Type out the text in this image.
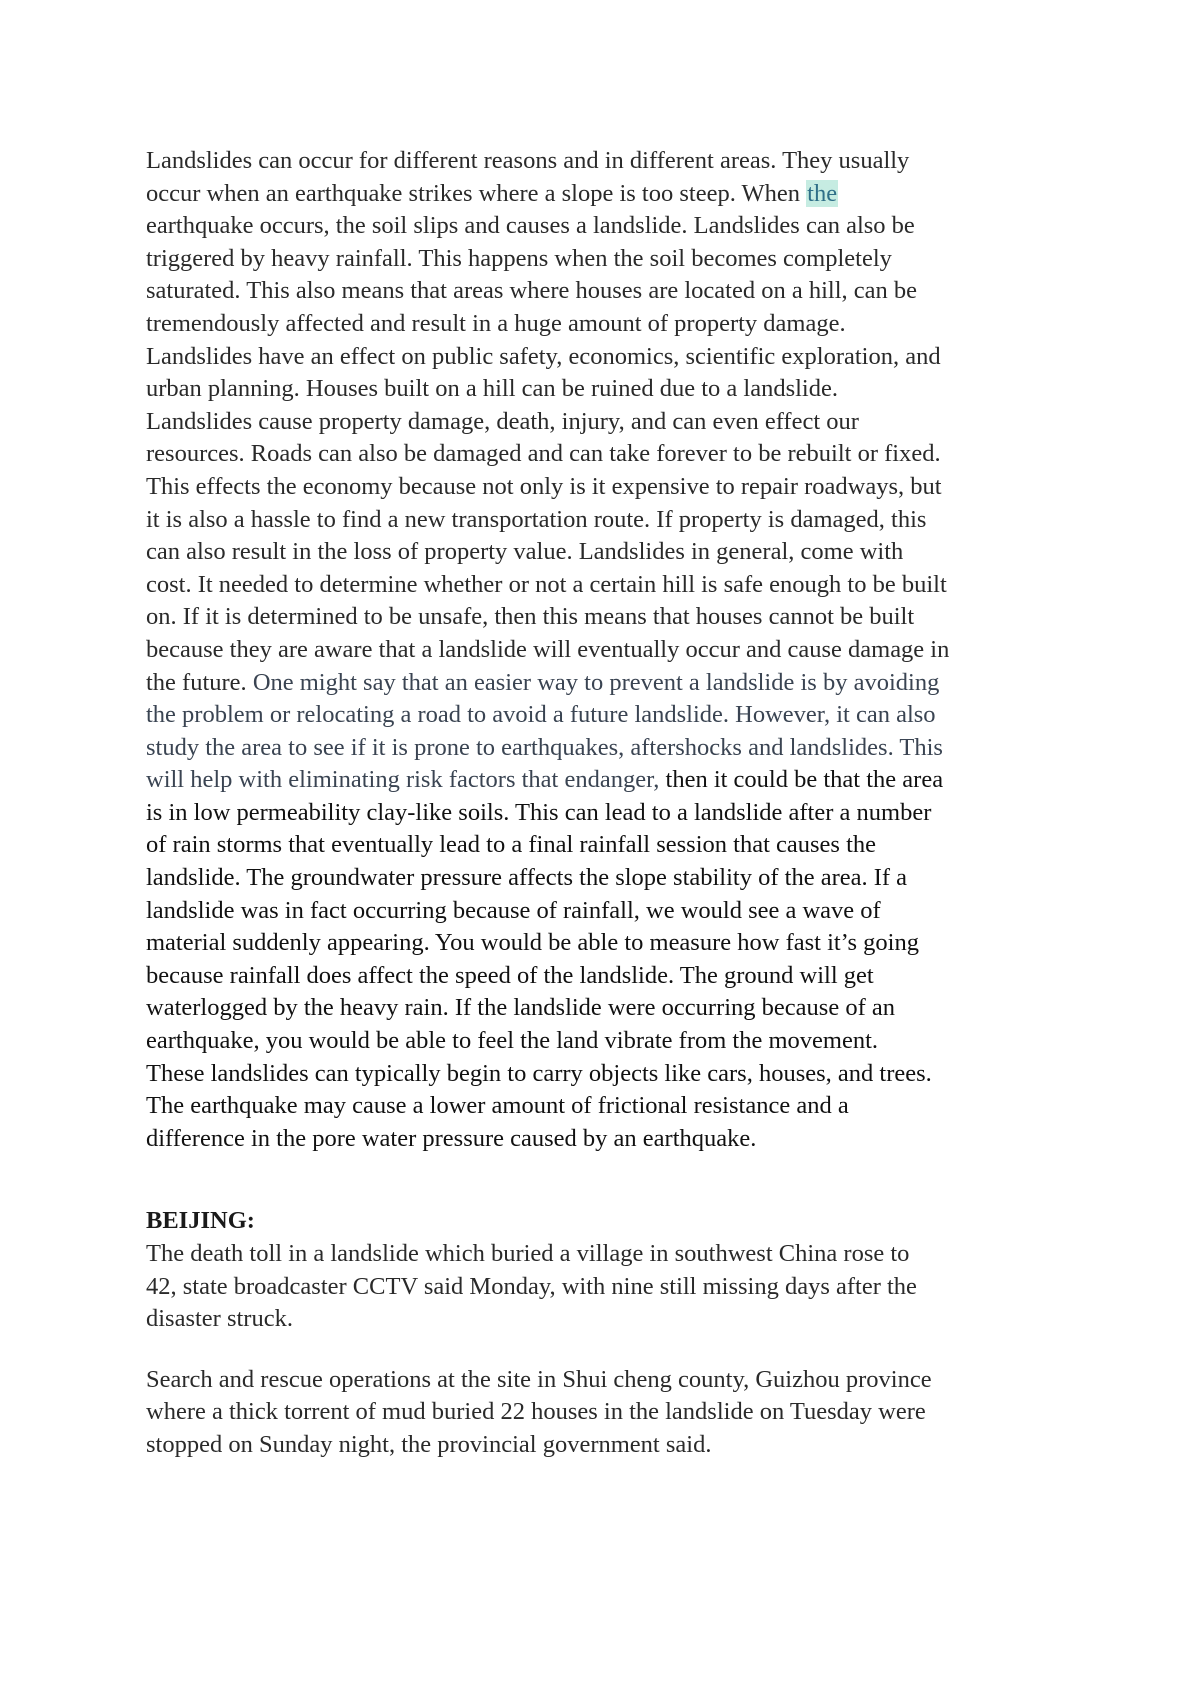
Landslides can occur for different reasons and in different areas. They usually
occur when an earthquake strikes where a slope is too steep. When the
earthquake occurs, the soil slips and causes a landslide. Landslides can also be
triggered by heavy rainfall. This happens when the soil becomes completely
saturated. This also means that areas where houses are located on a hill, can be
tremendously affected and result in a huge amount of property damage.
Landslides have an effect on public safety, economics, scientific exploration, and
urban planning. Houses built on a hill can be ruined due to a landslide.
Landslides cause property damage, death, injury, and can even effect our
resources. Roads can also be damaged and can take forever to be rebuilt or fixed.
This effects the economy because not only is it expensive to repair roadways, but
it is also a hassle to find a new transportation route. If property is damaged, this
can also result in the loss of property value. Landslides in general, come with
cost. It needed to determine whether or not a certain hill is safe enough to be built
on. If it is determined to be unsafe, then this means that houses cannot be built
because they are aware that a landslide will eventually occur and cause damage in
the future. One might say that an easier way to prevent a landslide is by avoiding
the problem or relocating a road to avoid a future landslide. However, it can also
study the area to see if it is prone to earthquakes, aftershocks and landslides. This
will help with eliminating risk factors that endanger, then it could be that the area
is in low permeability clay-like soils. This can lead to a landslide after a number
of rain storms that eventually lead to a final rainfall session that causes the
landslide. The groundwater pressure affects the slope stability of the area. If a
landslide was in fact occurring because of rainfall, we would see a wave of
material suddenly appearing. You would be able to measure how fast it’s going
because rainfall does affect the speed of the landslide. The ground will get
waterlogged by the heavy rain. If the landslide were occurring because of an
earthquake, you would be able to feel the land vibrate from the movement.
These landslides can typically begin to carry objects like cars, houses, and trees.
The earthquake may cause a lower amount of frictional resistance and a
difference in the pore water pressure caused by an earthquake.
BEIJING:
The death toll in a landslide which buried a village in southwest China rose to
42, state broadcaster CCTV said Monday, with nine still missing days after the
disaster struck.
Search and rescue operations at the site in Shui cheng county, Guizhou province
where a thick torrent of mud buried 22 houses in the landslide on Tuesday were
stopped on Sunday night, the provincial government said.
